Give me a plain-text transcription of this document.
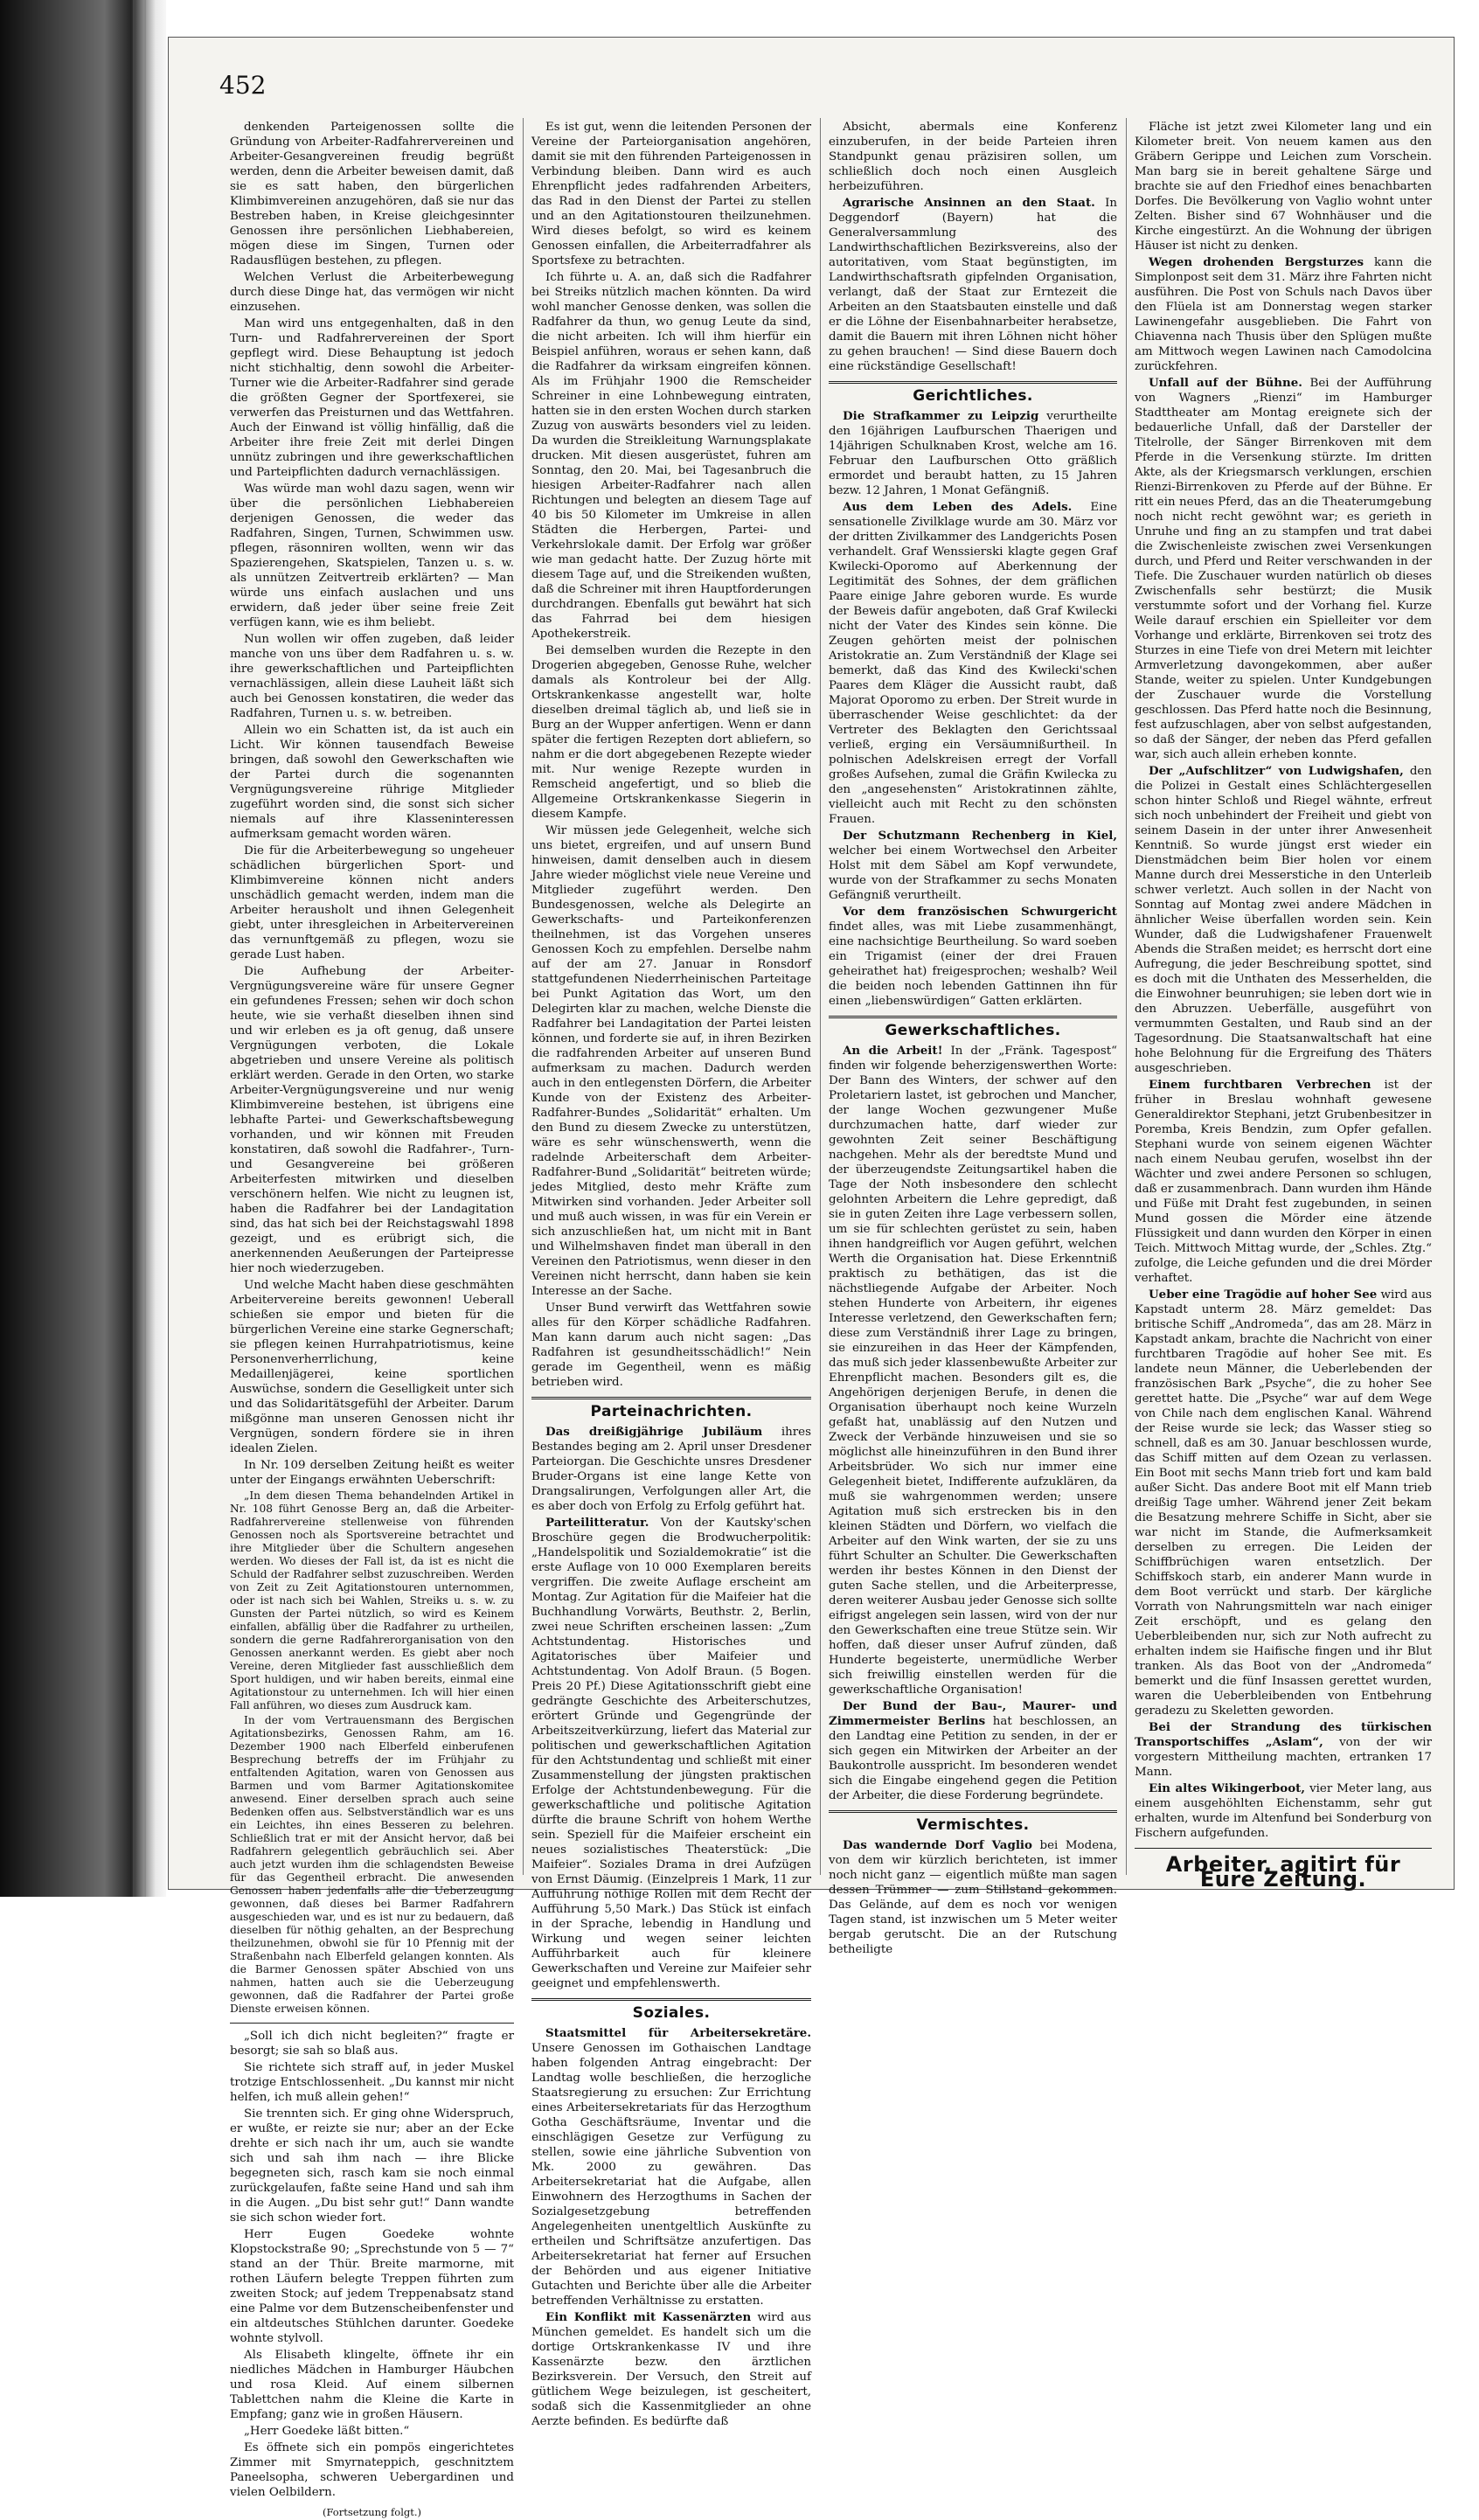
452

denkenden Parteigenossen sollte die Gründung von Arbeiter-Radfahrervereinen und Arbeiter-Gesangvereinen freudig begrüßt werden, denn die Arbeiter beweisen damit, daß sie es satt haben, den bürgerlichen Klimbimvereinen anzugehören, daß sie nur das Bestreben haben, in Kreise gleichgesinnter Genossen ihre persönlichen Liebhabereien, mögen diese im Singen, Turnen oder Radausflügen bestehen, zu pflegen.

Welchen Verlust die Arbeiterbewegung durch diese Dinge hat, das vermögen wir nicht einzusehen.

Man wird uns entgegenhalten, daß in den Turn- und Radfahrervereinen der Sport gepflegt wird. Diese Behauptung ist jedoch nicht stichhaltig, denn sowohl die Arbeiter-Turner wie die Arbeiter-Radfahrer sind gerade die größten Gegner der Sportfexerei, sie verwerfen das Preisturnen und das Wettfahren. Auch der Einwand ist völlig hinfällig, daß die Arbeiter ihre freie Zeit mit derlei Dingen unnütz zubringen und ihre gewerkschaftlichen und Parteipflichten dadurch vernachlässigen.

Was würde man wohl dazu sagen, wenn wir über die persönlichen Liebhabereien derjenigen Genossen, die weder das Radfahren, Singen, Turnen, Schwimmen usw. pflegen, räsonniren wollten, wenn wir das Spazierengehen, Skatspielen, Tanzen u. s. w. als unnützen Zeitvertreib erklärten? — Man würde uns einfach auslachen und uns erwidern, daß jeder über seine freie Zeit verfügen kann, wie es ihm beliebt.

Nun wollen wir offen zugeben, daß leider manche von uns über dem Radfahren u. s. w. ihre gewerkschaftlichen und Parteipflichten vernachlässigen, allein diese Lauheit läßt sich auch bei Genossen konstatiren, die weder das Radfahren, Turnen u. s. w. betreiben.

Allein wo ein Schatten ist, da ist auch ein Licht. Wir können tausendfach Beweise bringen, daß sowohl den Gewerkschaften wie der Partei durch die sogenannten Vergnügungsvereine rührige Mitglieder zugeführt worden sind, die sonst sich sicher niemals auf ihre Klasseninteressen aufmerksam gemacht worden wären.

Die für die Arbeiterbewegung so ungeheuer schädlichen bürgerlichen Sport- und Klimbimvereine können nicht anders unschädlich gemacht werden, indem man die Arbeiter herausholt und ihnen Gelegenheit giebt, unter ihresgleichen in Arbeitervereinen das vernunftgemäß zu pflegen, wozu sie gerade Lust haben.

Die Aufhebung der Arbeiter-Vergnügungsvereine wäre für unsere Gegner ein gefundenes Fressen; sehen wir doch schon heute, wie sie verhaßt dieselben ihnen sind und wir erleben es ja oft genug, daß unsere Vergnügungen verboten, die Lokale abgetrieben und unsere Vereine als politisch erklärt werden. Gerade in den Orten, wo starke Arbeiter-Vergnügungsvereine und nur wenig Klimbimvereine bestehen, ist übrigens eine lebhafte Partei- und Gewerkschaftsbewegung vorhanden, und wir können mit Freuden konstatiren, daß sowohl die Radfahrer-, Turn- und Gesangvereine bei größeren Arbeiterfesten mitwirken und dieselben verschönern helfen. Wie nicht zu leugnen ist, haben die Radfahrer bei der Landagitation sind, das hat sich bei der Reichstagswahl 1898 gezeigt, und es erübrigt sich, die anerkennenden Aeußerungen der Parteipresse hier noch wiederzugeben.

Und welche Macht haben diese geschmähten Arbeitervereine bereits gewonnen! Ueberall schießen sie empor und bieten für die bürgerlichen Vereine eine starke Gegnerschaft; sie pflegen keinen Hurrahpatriotismus, keine Personenverherrlichung, keine Medaillenjägerei, keine sportlichen Auswüchse, sondern die Geselligkeit unter sich und das Solidaritätsgefühl der Arbeiter. Darum mißgönne man unseren Genossen nicht ihr Vergnügen, sondern fördere sie in ihren idealen Zielen.

In Nr. 109 derselben Zeitung heißt es weiter unter der Eingangs erwähnten Ueberschrift:

„In dem diesen Thema behandelnden Artikel in Nr. 108 führt Genosse Berg an, daß die Arbeiter-Radfahrervereine stellenweise von führenden Genossen noch als Sportsvereine betrachtet und ihre Mitglieder über die Schultern angesehen werden. Wo dieses der Fall ist, da ist es nicht die Schuld der Radfahrer selbst zuzuschreiben. Werden von Zeit zu Zeit Agitationstouren unternommen, oder ist nach sich bei Wahlen, Streiks u. s. w. zu Gunsten der Partei nützlich, so wird es Keinem einfallen, abfällig über die Radfahrer zu urtheilen, sondern die gerne Radfahrerorganisation von den Genossen anerkannt werden. Es giebt aber noch Vereine, deren Mitglieder fast ausschließlich dem Sport huldigen, und wir haben bereits, einmal eine Agitationstour zu unternehmen. Ich will hier einen Fall anführen, wo dieses zum Ausdruck kam.

In der vom Vertrauensmann des Bergischen Agitationsbezirks, Genossen Rahm, am 16. Dezember 1900 nach Elberfeld einberufenen Besprechung betreffs der im Frühjahr zu entfaltenden Agitation, waren von Genossen aus Barmen und vom Barmer Agitationskomitee anwesend. Einer derselben sprach auch seine Bedenken offen aus. Selbstverständlich war es uns ein Leichtes, ihn eines Besseren zu belehren. Schließlich trat er mit der Ansicht hervor, daß bei Radfahrern gelegentlich gebräuchlich sei. Aber auch jetzt wurden ihm die schlagendsten Beweise für das Gegentheil erbracht. Die anwesenden Genossen haben jedenfalls alle die Ueberzeugung gewonnen, daß dieses bei Barmer Radfahrern ausgeschieden war, und es ist nur zu bedauern, daß dieselben für nöthig gehalten, an der Besprechung theilzunehmen, obwohl sie für 10 Pfennig mit der Straßenbahn nach Elberfeld gelangen konnten. Als die Barmer Genossen später Abschied von uns nahmen, hatten auch sie die Ueberzeugung gewonnen, daß die Radfahrer der Partei große Dienste erweisen können.

„Soll ich dich nicht begleiten?“ fragte er besorgt; sie sah so blaß aus.

Sie richtete sich straff auf, in jeder Muskel trotzige Entschlossenheit. „Du kannst mir nicht helfen, ich muß allein gehen!“

Sie trennten sich. Er ging ohne Widerspruch, er wußte, er reizte sie nur; aber an der Ecke drehte er sich nach ihr um, auch sie wandte sich und sah ihm nach — ihre Blicke begegneten sich, rasch kam sie noch einmal zurückgelaufen, faßte seine Hand und sah ihm in die Augen. „Du bist sehr gut!“ Dann wandte sie sich schon wieder fort.

Herr Eugen Goedeke wohnte Klopstockstraße 90; „Sprechstunde von 5 — 7“ stand an der Thür. Breite marmorne, mit rothen Läufern belegte Treppen führten zum zweiten Stock; auf jedem Treppenabsatz stand eine Palme vor dem Butzenscheibenfenster und ein altdeutsches Stühlchen darunter. Goedeke wohnte stylvoll.

Als Elisabeth klingelte, öffnete ihr ein niedliches Mädchen in Hamburger Häubchen und rosa Kleid. Auf einem silbernen Tablettchen nahm die Kleine die Karte in Empfang; ganz wie in großen Häusern.

„Herr Goedeke läßt bitten.“

Es öffnete sich ein pompös eingerichtetes Zimmer mit Smyrnateppich, geschnitztem Paneelsopha, schweren Uebergardinen und vielen Oelbildern.

(Fortsetzung folgt.)

Es ist gut, wenn die leitenden Personen der Vereine der Parteiorganisation angehören, damit sie mit den führenden Parteigenossen in Verbindung bleiben. Dann wird es auch Ehrenpflicht jedes radfahrenden Arbeiters, das Rad in den Dienst der Partei zu stellen und an den Agitationstouren theilzunehmen. Wird dieses befolgt, so wird es keinem Genossen einfallen, die Arbeiterradfahrer als Sportsfexe zu betrachten.

Ich führte u. A. an, daß sich die Radfahrer bei Streiks nützlich machen könnten. Da wird wohl mancher Genosse denken, was sollen die Radfahrer da thun, wo genug Leute da sind, die nicht arbeiten. Ich will ihm hierfür ein Beispiel anführen, woraus er sehen kann, daß die Radfahrer da wirksam eingreifen können. Als im Frühjahr 1900 die Remscheider Schreiner in eine Lohnbewegung eintraten, hatten sie in den ersten Wochen durch starken Zuzug von auswärts besonders viel zu leiden. Da wurden die Streikleitung Warnungsplakate drucken. Mit diesen ausgerüstet, fuhren am Sonntag, den 20. Mai, bei Tagesanbruch die hiesigen Arbeiter-Radfahrer nach allen Richtungen und belegten an diesem Tage auf 40 bis 50 Kilometer im Umkreise in allen Städten die Herbergen, Partei- und Verkehrslokale damit. Der Erfolg war größer wie man gedacht hatte. Der Zuzug hörte mit diesem Tage auf, und die Streikenden wußten, daß die Schreiner mit ihren Hauptforderungen durchdrangen. Ebenfalls gut bewährt hat sich das Fahrrad bei dem hiesigen Apothekerstreik.

Bei demselben wurden die Rezepte in den Drogerien abgegeben, Genosse Ruhe, welcher damals als Kontroleur bei der Allg. Ortskrankenkasse angestellt war, holte dieselben dreimal täglich ab, und ließ sie in Burg an der Wupper anfertigen. Wenn er dann später die fertigen Rezepten dort abliefern, so nahm er die dort abgegebenen Rezepte wieder mit. Nur wenige Rezepte wurden in Remscheid angefertigt, und so blieb die Allgemeine Ortskrankenkasse Siegerin in diesem Kampfe.

Wir müssen jede Gelegenheit, welche sich uns bietet, ergreifen, und auf unsern Bund hinweisen, damit denselben auch in diesem Jahre wieder möglichst viele neue Vereine und Mitglieder zugeführt werden. Den Bundesgenossen, welche als Delegirte an Gewerkschafts- und Parteikonferenzen theilnehmen, ist das Vorgehen unseres Genossen Koch zu empfehlen. Derselbe nahm auf der am 27. Januar in Ronsdorf stattgefundenen Niederrheinischen Parteitage bei Punkt Agitation das Wort, um den Delegirten klar zu machen, welche Dienste die Radfahrer bei Landagitation der Partei leisten können, und forderte sie auf, in ihren Bezirken die radfahrenden Arbeiter auf unseren Bund aufmerksam zu machen. Dadurch werden auch in den entlegensten Dörfern, die Arbeiter Kunde von der Existenz des Arbeiter-Radfahrer-Bundes „Solidarität“ erhalten. Um den Bund zu diesem Zwecke zu unterstützen, wäre es sehr wünschenswerth, wenn die radelnde Arbeiterschaft dem Arbeiter-Radfahrer-Bund „Solidarität“ beitreten würde; jedes Mitglied, desto mehr Kräfte zum Mitwirken sind vorhanden. Jeder Arbeiter soll und muß auch wissen, in was für ein Verein er sich anzuschließen hat, um nicht mit in Bant und Wilhelmshaven findet man überall in den Vereinen den Patriotismus, wenn dieser in den Vereinen nicht herrscht, dann haben sie kein Interesse an der Sache.

Unser Bund verwirft das Wettfahren sowie alles für den Körper schädliche Radfahren. Man kann darum auch nicht sagen: „Das Radfahren ist gesundheitsschädlich!“ Nein gerade im Gegentheil, wenn es mäßig betrieben wird.

Parteinachrichten.

Das dreißigjährige Jubiläum ihres Bestandes beging am 2. April unser Dresdener Parteiorgan. Die Geschichte unsres Dresdener Bruder-Organs ist eine lange Kette von Drangsalirungen, Verfolgungen aller Art, die es aber doch von Erfolg zu Erfolg geführt hat.

Parteilitteratur. Von der Kautsky'schen Broschüre gegen die Brodwucherpolitik: „Handelspolitik und Sozialdemokratie“ ist die erste Auflage von 10 000 Exemplaren bereits vergriffen. Die zweite Auflage erscheint am Montag. Zur Agitation für die Maifeier hat die Buchhandlung Vorwärts, Beuthstr. 2, Berlin, zwei neue Schriften erscheinen lassen: „Zum Achtstundentag. Historisches und Agitatorisches über Maifeier und Achtstundentag. Von Adolf Braun. (5 Bogen. Preis 20 Pf.) Diese Agitationsschrift giebt eine gedrängte Geschichte des Arbeiterschutzes, erörtert Gründe und Gegengründe der Arbeitszeitverkürzung, liefert das Material zur politischen und gewerkschaftlichen Agitation für den Achtstundentag und schließt mit einer Zusammenstellung der jüngsten praktischen Erfolge der Achtstundenbewegung. Für die gewerkschaftliche und politische Agitation dürfte die braune Schrift von hohem Werthe sein. Speziell für die Maifeier erscheint ein neues sozialistisches Theaterstück: „Die Maifeier“. Soziales Drama in drei Aufzügen von Ernst Däumig. (Einzelpreis 1 Mark, 11 zur Aufführung nöthige Rollen mit dem Recht der Aufführung 5,50 Mark.) Das Stück ist einfach in der Sprache, lebendig in Handlung und Wirkung und wegen seiner leichten Aufführbarkeit auch für kleinere Gewerkschaften und Vereine zur Maifeier sehr geeignet und empfehlenswerth.

Soziales.

Staatsmittel für Arbeitersekretäre. Unsere Genossen im Gothaischen Landtage haben folgenden Antrag eingebracht: Der Landtag wolle beschließen, die herzogliche Staatsregierung zu ersuchen: Zur Errichtung eines Arbeitersekretariats für das Herzogthum Gotha Geschäftsräume, Inventar und die einschlägigen Gesetze zur Verfügung zu stellen, sowie eine jährliche Subvention von Mk. 2000 zu gewähren. Das Arbeitersekretariat hat die Aufgabe, allen Einwohnern des Herzogthums in Sachen der Sozialgesetzgebung betreffenden Angelegenheiten unentgeltlich Auskünfte zu ertheilen und Schriftsätze anzufertigen. Das Arbeitersekretariat hat ferner auf Ersuchen der Behörden und aus eigener Initiative Gutachten und Berichte über alle die Arbeiter betreffenden Verhältnisse zu erstatten.

Ein Konflikt mit Kassenärzten wird aus München gemeldet. Es handelt sich um die dortige Ortskrankenkasse IV und ihre Kassenärzte bezw. den ärztlichen Bezirksverein. Der Versuch, den Streit auf gütlichem Wege beizulegen, ist gescheitert, sodaß sich die Kassenmitglieder an ohne Aerzte befinden. Es bedürfte daß

Absicht, abermals eine Konferenz einzuberufen, in der beide Parteien ihren Standpunkt genau präzisiren sollen, um schließlich doch noch einen Ausgleich herbeizuführen.

Agrarische Ansinnen an den Staat. In Deggendorf (Bayern) hat die Generalversammlung des Landwirthschaftlichen Bezirksvereins, also der autoritativen, vom Staat begünstigten, im Landwirthschaftsrath gipfelnden Organisation, verlangt, daß der Staat zur Erntezeit die Arbeiten an den Staatsbauten einstelle und daß er die Löhne der Eisenbahnarbeiter herabsetze, damit die Bauern mit ihren Löhnen nicht höher zu gehen brauchen! — Sind diese Bauern doch eine rückständige Gesellschaft!

Gerichtliches.

Die Strafkammer zu Leipzig verurtheilte den 16jährigen Laufburschen Thaerigen und 14jährigen Schulknaben Krost, welche am 16. Februar den Laufburschen Otto gräßlich ermordet und beraubt hatten, zu 15 Jahren bezw. 12 Jahren, 1 Monat Gefängniß.

Aus dem Leben des Adels. Eine sensationelle Zivilklage wurde am 30. März vor der dritten Zivilkammer des Landgerichts Posen verhandelt. Graf Wenssierski klagte gegen Graf Kwilecki-Oporomo auf Aberkennung der Legitimität des Sohnes, der dem gräflichen Paare einige Jahre geboren wurde. Es wurde der Beweis dafür angeboten, daß Graf Kwilecki nicht der Vater des Kindes sein könne. Die Zeugen gehörten meist der polnischen Aristokratie an. Zum Verständniß der Klage sei bemerkt, daß das Kind des Kwilecki'schen Paares dem Kläger die Aussicht raubt, daß Majorat Oporomo zu erben. Der Streit wurde in überraschender Weise geschlichtet: da der Vertreter des Beklagten den Gerichtssaal verließ, erging ein Versäumnißurtheil. In polnischen Adelskreisen erregt der Vorfall großes Aufsehen, zumal die Gräfin Kwilecka zu den „angesehensten“ Aristokratinnen zählte, vielleicht auch mit Recht zu den schönsten Frauen.

Der Schutzmann Rechenberg in Kiel, welcher bei einem Wortwechsel den Arbeiter Holst mit dem Säbel am Kopf verwundete, wurde von der Strafkammer zu sechs Monaten Gefängniß verurtheilt.

Vor dem französischen Schwurgericht findet alles, was mit Liebe zusammenhängt, eine nachsichtige Beurtheilung. So ward soeben ein Trigamist (einer der drei Frauen geheirathet hat) freigesprochen; weshalb? Weil die beiden noch lebenden Gattinnen ihn für einen „liebenswürdigen“ Gatten erklärten.

Gewerkschaftliches.

An die Arbeit! In der „Fränk. Tagespost“ finden wir folgende beherzigenswerthen Worte: Der Bann des Winters, der schwer auf den Proletariern lastet, ist gebrochen und Mancher, der lange Wochen gezwungener Muße durchzumachen hatte, darf wieder zur gewohnten Zeit seiner Beschäftigung nachgehen. Mehr als der beredtste Mund und der überzeugendste Zeitungsartikel haben die Tage der Noth insbesondere den schlecht gelohnten Arbeitern die Lehre gepredigt, daß sie in guten Zeiten ihre Lage verbessern sollen, um sie für schlechten gerüstet zu sein, haben ihnen handgreiflich vor Augen geführt, welchen Werth die Organisation hat. Diese Erkenntniß praktisch zu bethätigen, das ist die nächstliegende Aufgabe der Arbeiter. Noch stehen Hunderte von Arbeitern, ihr eigenes Interesse verletzend, den Gewerkschaften fern; diese zum Verständniß ihrer Lage zu bringen, sie einzureihen in das Heer der Kämpfenden, das muß sich jeder klassenbewußte Arbeiter zur Ehrenpflicht machen. Besonders gilt es, die Angehörigen derjenigen Berufe, in denen die Organisation überhaupt noch keine Wurzeln gefaßt hat, unablässig auf den Nutzen und Zweck der Verbände hinzuweisen und sie so möglichst alle hineinzuführen in den Bund ihrer Arbeitsbrüder. Wo sich nur immer eine Gelegenheit bietet, Indifferente aufzuklären, da muß sie wahrgenommen werden; unsere Agitation muß sich erstrecken bis in den kleinen Städten und Dörfern, wo vielfach die Arbeiter auf den Wink warten, der sie zu uns führt Schulter an Schulter. Die Gewerkschaften werden ihr bestes Können in den Dienst der guten Sache stellen, und die Arbeiterpresse, deren weiterer Ausbau jeder Genosse sich sollte eifrigst angelegen sein lassen, wird von der nur den Gewerkschaften eine treue Stütze sein. Wir hoffen, daß dieser unser Aufruf zünden, daß Hunderte begeisterte, unermüdliche Werber sich freiwillig einstellen werden für die gewerkschaftliche Organisation!

Der Bund der Bau-, Maurer- und Zimmermeister Berlins hat beschlossen, an den Landtag eine Petition zu senden, in der er sich gegen ein Mitwirken der Arbeiter an der Baukontrolle ausspricht. Im besonderen wendet sich die Eingabe eingehend gegen die Petition der Arbeiter, die diese Forderung begründete.

Vermischtes.

Das wandernde Dorf Vaglio bei Modena, von dem wir kürzlich berichteten, ist immer noch nicht ganz — eigentlich müßte man sagen dessen Trümmer — zum Stillstand gekommen. Das Gelände, auf dem es noch vor wenigen Tagen stand, ist inzwischen um 5 Meter weiter bergab gerutscht. Die an der Rutschung betheiligte

Fläche ist jetzt zwei Kilometer lang und ein Kilometer breit. Von neuem kamen aus den Gräbern Gerippe und Leichen zum Vorschein. Man barg sie in bereit gehaltene Särge und brachte sie auf den Friedhof eines benachbarten Dorfes. Die Bevölkerung von Vaglio wohnt unter Zelten. Bisher sind 67 Wohnhäuser und die Kirche eingestürzt. An die Wohnung der übrigen Häuser ist nicht zu denken.

Wegen drohenden Bergsturzes kann die Simplonpost seit dem 31. März ihre Fahrten nicht ausführen. Die Post von Schuls nach Davos über den Flüela ist am Donnerstag wegen starker Lawinengefahr ausgeblieben. Die Fahrt von Chiavenna nach Thusis über den Splügen mußte am Mittwoch wegen Lawinen nach Camodolcina zurückfehren.

Unfall auf der Bühne. Bei der Aufführung von Wagners „Rienzi“ im Hamburger Stadttheater am Montag ereignete sich der bedauerliche Unfall, daß der Darsteller der Titelrolle, der Sänger Birrenkoven mit dem Pferde in die Versenkung stürzte. Im dritten Akte, als der Kriegsmarsch verklungen, erschien Rienzi-Birrenkoven zu Pferde auf der Bühne. Er ritt ein neues Pferd, das an die Theaterumgebung noch nicht recht gewöhnt war; es gerieth in Unruhe und fing an zu stampfen und trat dabei die Zwischenleiste zwischen zwei Versenkungen durch, und Pferd und Reiter verschwanden in der Tiefe. Die Zuschauer wurden natürlich ob dieses Zwischenfalls sehr bestürzt; die Musik verstummte sofort und der Vorhang fiel. Kurze Weile darauf erschien ein Spielleiter vor dem Vorhange und erklärte, Birrenkoven sei trotz des Sturzes in eine Tiefe von drei Metern mit leichter Armverletzung davongekommen, aber außer Stande, weiter zu spielen. Unter Kundgebungen der Zuschauer wurde die Vorstellung geschlossen. Das Pferd hatte noch die Besinnung, fest aufzuschlagen, aber von selbst aufgestanden, so daß der Sänger, der neben das Pferd gefallen war, sich auch allein erheben konnte.

Der „Aufschlitzer“ von Ludwigshafen, den die Polizei in Gestalt eines Schlächtergesellen schon hinter Schloß und Riegel wähnte, erfreut sich noch unbehindert der Freiheit und giebt von seinem Dasein in der unter ihrer Anwesenheit Kenntniß. So wurde jüngst erst wieder ein Dienstmädchen beim Bier holen vor einem Manne durch drei Messerstiche in den Unterleib schwer verletzt. Auch sollen in der Nacht von Sonntag auf Montag zwei andere Mädchen in ähnlicher Weise überfallen worden sein. Kein Wunder, daß die Ludwigshafener Frauenwelt Abends die Straßen meidet; es herrscht dort eine Aufregung, die jeder Beschreibung spottet, sind es doch mit die Unthaten des Messerhelden, die die Einwohner beunruhigen; sie leben dort wie in den Abruzzen. Ueberfälle, ausgeführt von vermummten Gestalten, und Raub sind an der Tagesordnung. Die Staatsanwaltschaft hat eine hohe Belohnung für die Ergreifung des Thäters ausgeschrieben.

Einem furchtbaren Verbrechen ist der früher in Breslau wohnhaft gewesene Generaldirektor Stephani, jetzt Grubenbesitzer in Poremba, Kreis Bendzin, zum Opfer gefallen. Stephani wurde von seinem eigenen Wächter nach einem Neubau gerufen, woselbst ihn der Wächter und zwei andere Personen so schlugen, daß er zusammenbrach. Dann wurden ihm Hände und Füße mit Draht fest zugebunden, in seinen Mund gossen die Mörder eine ätzende Flüssigkeit und dann wurden den Körper in einen Teich. Mittwoch Mittag wurde, der „Schles. Ztg.“ zufolge, die Leiche gefunden und die drei Mörder verhaftet.

Ueber eine Tragödie auf hoher See wird aus Kapstadt unterm 28. März gemeldet: Das britische Schiff „Andromeda“, das am 28. März in Kapstadt ankam, brachte die Nachricht von einer furchtbaren Tragödie auf hoher See mit. Es landete neun Männer, die Ueberlebenden der französischen Bark „Psyche“, die zu hoher See gerettet hatte. Die „Psyche“ war auf dem Wege von Chile nach dem englischen Kanal. Während der Reise wurde sie leck; das Wasser stieg so schnell, daß es am 30. Januar beschlossen wurde, das Schiff mitten auf dem Ozean zu verlassen. Ein Boot mit sechs Mann trieb fort und kam bald außer Sicht. Das andere Boot mit elf Mann trieb dreißig Tage umher. Während jener Zeit bekam die Besatzung mehrere Schiffe in Sicht, aber sie war nicht im Stande, die Aufmerksamkeit derselben zu erregen. Die Leiden der Schiffbrüchigen waren entsetzlich. Der Schiffskoch starb, ein anderer Mann wurde in dem Boot verrückt und starb. Der kärgliche Vorrath von Nahrungsmitteln war nach einiger Zeit erschöpft, und es gelang den Ueberbleibenden nur, sich zur Noth aufrecht zu erhalten indem sie Haifische fingen und ihr Blut tranken. Als das Boot von der „Andromeda“ bemerkt und die fünf Insassen gerettet wurden, waren die Ueberbleibenden von Entbehrung geradezu zu Skeletten geworden.

Bei der Strandung des türkischen Transportschiffes „Aslam“, von der wir vorgestern Mittheilung machten, ertranken 17 Mann.

Ein altes Wikingerboot, vier Meter lang, aus einem ausgehöhlten Eichenstamm, sehr gut erhalten, wurde im Altenfund bei Sonderburg von Fischern aufgefunden.

Arbeiter, agitirt für Eure Zeitung.
